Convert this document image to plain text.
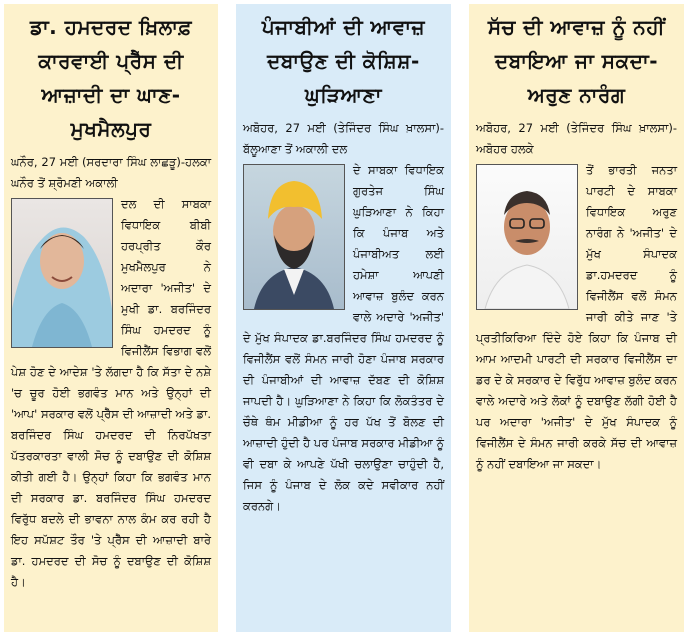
ਡਾ. ਹਮਦਰਦ ਖ਼ਿਲਾਫ਼ ਕਾਰਵਾਈ ਪ੍ਰੈੱਸ ਦੀ ਆਜ਼ਾਦੀ ਦਾ ਘਾਣ-ਮੁਖਮੈਲਪੁਰ

ਘਨੌਰ, 27 ਮਈ (ਸਰਦਾਰਾ ਸਿੰਘ ਲਾਛੜੂ)-ਹਲਕਾ ਘਨੌਰ ਤੋਂ ਸ਼੍ਰੋਮਣੀ ਅਕਾਲੀ

ਦਲ ਦੀ ਸਾਬਕਾ ਵਿਧਾਇਕ ਬੀਬੀ ਹਰਪ੍ਰੀਤ ਕੌਰ ਮੁਖਮੈਲਪੁਰ ਨੇ ਅਦਾਰਾ 'ਅਜੀਤ' ਦੇ ਮੁਖੀ ਡਾ. ਬਰਜਿੰਦਰ ਸਿੰਘ ਹਮਦਰਦ ਨੂੰ ਵਿਜੀਲੈਂਸ ਵਿਭਾਗ ਵਲੋਂ ਪੇਸ਼ ਹੋਣ ਦੇ ਆਦੇਸ਼ 'ਤੇ ਲੱਗਦਾ ਹੈ ਕਿ ਸੱਤਾ ਦੇ ਨਸ਼ੇ 'ਚ ਚੂਰ ਹੋਈ ਭਗਵੰਤ ਮਾਨ ਅਤੇ ਉਨ੍ਹਾਂ ਦੀ 'ਆਪ' ਸਰਕਾਰ ਵਲੋਂ ਪ੍ਰੈੱਸ ਦੀ ਆਜ਼ਾਦੀ ਅਤੇ ਡਾ. ਬਰਜਿੰਦਰ ਸਿੰਘ ਹਮਦਰਦ ਦੀ ਨਿਰਪੱਖਤਾ ਪੱਤਰਕਾਰਤਾ ਵਾਲੀ ਸੋਚ ਨੂੰ ਦਬਾਉਣ ਦੀ ਕੋਸ਼ਿਸ਼ ਕੀਤੀ ਗਈ ਹੈ। ਉਨ੍ਹਾਂ ਕਿਹਾ ਕਿ ਭਗਵੰਤ ਮਾਨ ਦੀ ਸਰਕਾਰ ਡਾ. ਬਰਜਿੰਦਰ ਸਿੰਘ ਹਮਦਰਦ ਵਿਰੁੱਧ ਬਦਲੇ ਦੀ ਭਾਵਨਾ ਨਾਲ ਕੰਮ ਕਰ ਰਹੀ ਹੈ ਇਹ ਸਪੱਸ਼ਟ ਤੌਰ 'ਤੇ ਪ੍ਰੈੱਸ ਦੀ ਆਜ਼ਾਦੀ ਬਾਰੇ ਡਾ. ਹਮਦਰਦ ਦੀ ਸੋਚ ਨੂੰ ਦਬਾਉਣ ਦੀ ਕੋਸ਼ਿਸ਼ ਹੈ।

ਪੰਜਾਬੀਆਂ ਦੀ ਆਵਾਜ਼ ਦਬਾਉਣ ਦੀ ਕੋਸ਼ਿਸ਼-ਘੁੜਿਆਣਾ

ਅਬੋਹਰ, 27 ਮਈ (ਤੇਜਿੰਦਰ ਸਿੰਘ ਖ਼ਾਲਸਾ)-ਬੱਲੂਆਣਾ ਤੋਂ ਅਕਾਲੀ ਦਲ

ਦੇ ਸਾਬਕਾ ਵਿਧਾਇਕ ਗੁਰਤੇਜ ਸਿੰਘ ਘੁੜਿਆਣਾ ਨੇ ਕਿਹਾ ਕਿ ਪੰਜਾਬ ਅਤੇ ਪੰਜਾਬੀਅਤ ਲਈ ਹਮੇਸ਼ਾ ਆਪਣੀ ਆਵਾਜ਼ ਬੁਲੰਦ ਕਰਨ ਵਾਲੇ ਅਦਾਰੇ 'ਅਜੀਤ' ਦੇ ਮੁੱਖ ਸੰਪਾਦਕ ਡਾ.ਬਰਜਿੰਦਰ ਸਿੰਘ ਹਮਦਰਦ ਨੂੰ ਵਿਜੀਲੈਂਸ ਵਲੋਂ ਸੰਮਨ ਜਾਰੀ ਹੋਣਾ ਪੰਜਾਬ ਸਰਕਾਰ ਦੀ ਪੰਜਾਬੀਆਂ ਦੀ ਆਵਾਜ਼ ਦੱਬਣ ਦੀ ਕੋਸ਼ਿਸ਼ ਜਾਪਦੀ ਹੈ। ਘੁੜਿਆਣਾ ਨੇ ਕਿਹਾ ਕਿ ਲੋਕਤੰਤਰ ਦੇ ਚੌਥੇ ਥੰਮ ਮੀਡੀਆ ਨੂੰ ਹਰ ਪੱਖ ਤੋਂ ਬੋਲਣ ਦੀ ਆਜ਼ਾਦੀ ਹੁੰਦੀ ਹੈ ਪਰ ਪੰਜਾਬ ਸਰਕਾਰ ਮੀਡੀਆ ਨੂੰ ਵੀ ਦਬਾ ਕੇ ਆਪਣੇ ਪੱਖੀ ਚਲਾਉਣਾ ਚਾਹੁੰਦੀ ਹੈ, ਜਿਸ ਨੂੰ ਪੰਜਾਬ ਦੇ ਲੋਕ ਕਦੇ ਸਵੀਕਾਰ ਨਹੀਂ ਕਰਨਗੇ।

ਸੱਚ ਦੀ ਆਵਾਜ਼ ਨੂੰ ਨਹੀਂ ਦਬਾਇਆ ਜਾ ਸਕਦਾ-ਅਰੁਣ ਨਾਰੰਗ

ਅਬੋਹਰ, 27 ਮਈ (ਤੇਜਿੰਦਰ ਸਿੰਘ ਖ਼ਾਲਸਾ)-ਅਬੋਹਰ ਹਲਕੇ

ਤੋਂ ਭਾਰਤੀ ਜਨਤਾ ਪਾਰਟੀ ਦੇ ਸਾਬਕਾ ਵਿਧਾਇਕ ਅਰੁਣ ਨਾਰੰਗ ਨੇ 'ਅਜੀਤ' ਦੇ ਮੁੱਖ ਸੰਪਾਦਕ ਡਾ.ਹਮਦਰਦ ਨੂੰ ਵਿਜੀਲੈਂਸ ਵਲੋਂ ਸੰਮਨ ਜਾਰੀ ਕੀਤੇ ਜਾਣ 'ਤੇ ਪ੍ਰਤੀਕਿਰਿਆ ਦਿੰਦੇ ਹੋਏ ਕਿਹਾ ਕਿ ਪੰਜਾਬ ਦੀ ਆਮ ਆਦਮੀ ਪਾਰਟੀ ਦੀ ਸਰਕਾਰ ਵਿਜੀਲੈਂਸ ਦਾ ਡਰ ਦੇ ਕੇ ਸਰਕਾਰ ਦੇ ਵਿਰੁੱਧ ਆਵਾਜ਼ ਬੁਲੰਦ ਕਰਨ ਵਾਲੇ ਅਦਾਰੇ ਅਤੇ ਲੋਕਾਂ ਨੂੰ ਦਬਾਉਣ ਲੱਗੀ ਹੋਈ ਹੈ ਪਰ ਅਦਾਰਾ 'ਅਜੀਤ' ਦੇ ਮੁੱਖ ਸੰਪਾਦਕ ਨੂੰ ਵਿਜੀਲੈਂਸ ਦੇ ਸੰਮਨ ਜਾਰੀ ਕਰਕੇ ਸੱਚ ਦੀ ਆਵਾਜ਼ ਨੂੰ ਨਹੀਂ ਦਬਾਇਆ ਜਾ ਸਕਦਾ।
